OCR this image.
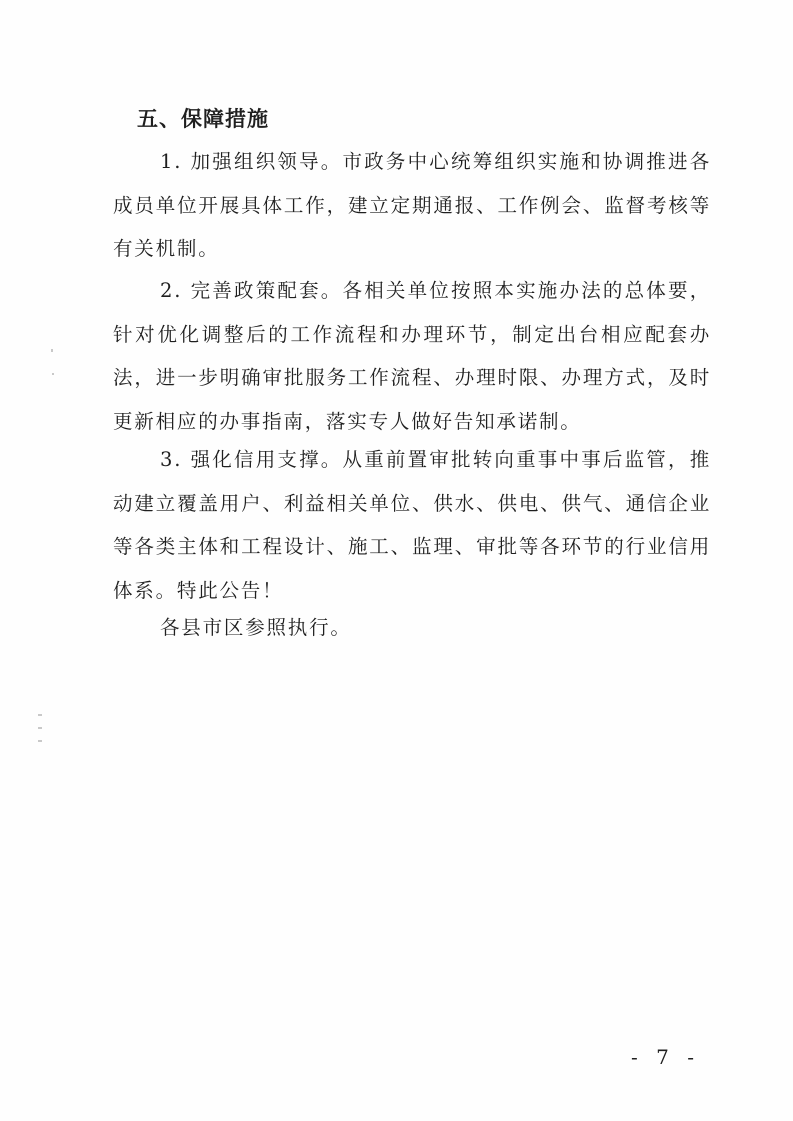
五、保障措施

1. 加强组织领导。市政务中心统筹组织实施和协调推进各成员单位开展具体工作，建立定期通报、工作例会、监督考核等有关机制。

2. 完善政策配套。各相关单位按照本实施办法的总体要，针对优化调整后的工作流程和办理环节，制定出台相应配套办法，进一步明确审批服务工作流程、办理时限、办理方式，及时更新相应的办事指南，落实专人做好告知承诺制。

3. 强化信用支撑。从重前置审批转向重事中事后监管，推动建立覆盖用户、利益相关单位、供水、供电、供气、通信企业等各类主体和工程设计、施工、监理、审批等各环节的行业信用体系。特此公告！

各县市区参照执行。

- 7 -
